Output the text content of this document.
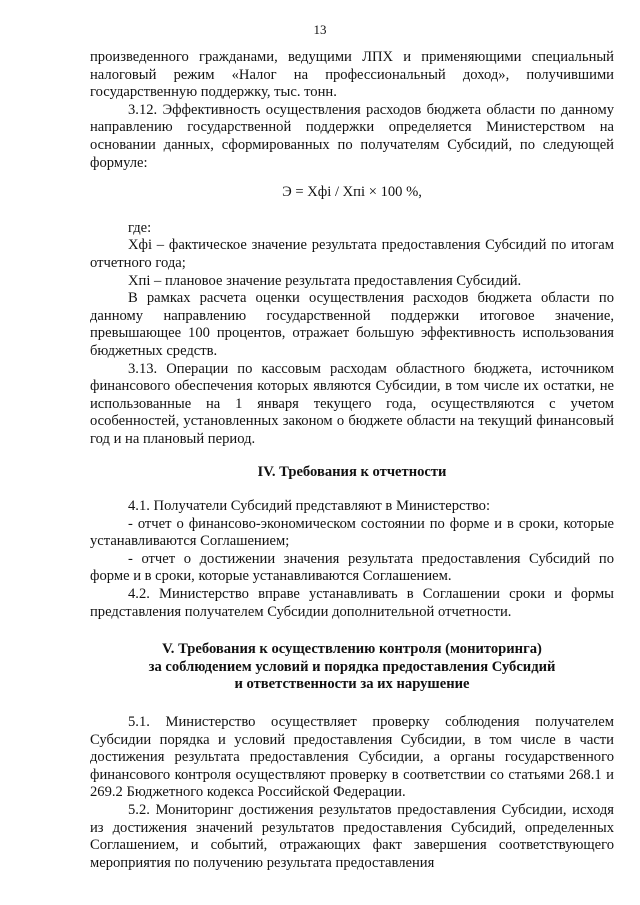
13

произведенного гражданами, ведущими ЛПХ и применяющими специальный налоговый режим «Налог на профессиональный доход», получившими государственную поддержку, тыс. тонн.

3.12. Эффективность осуществления расходов бюджета области по данному направлению государственной поддержки определяется Министерством на основании данных, сформированных по получателям Субсидий, по следующей формуле:

Э = Xфi / Xпi × 100 %,

где:

Xфi – фактическое значение результата предоставления Субсидий по итогам отчетного года;

Xпi – плановое значение результата предоставления Субсидий.

В рамках расчета оценки осуществления расходов бюджета области по данному направлению государственной поддержки итоговое значение, превышающее 100 процентов, отражает большую эффективность использования бюджетных средств.

3.13. Операции по кассовым расходам областного бюджета, источником финансового обеспечения которых являются Субсидии, в том числе их остатки, не использованные на 1 января текущего года, осуществляются с учетом особенностей, установленных законом о бюджете области на текущий финансовый год и на плановый период.

IV. Требования к отчетности

4.1. Получатели Субсидий представляют в Министерство:

- отчет о финансово-экономическом состоянии по форме и в сроки, которые устанавливаются Соглашением;

- отчет о достижении значения результата предоставления Субсидий по форме и в сроки, которые устанавливаются Соглашением.

4.2. Министерство вправе устанавливать в Соглашении сроки и формы представления получателем Субсидии дополнительной отчетности.

V. Требования к осуществлению контроля (мониторинга)

за соблюдением условий и порядка предоставления Субсидий

и ответственности за их нарушение

5.1. Министерство осуществляет проверку соблюдения получателем Субсидии порядка и условий предоставления Субсидии, в том числе в части достижения результата предоставления Субсидии, а органы государственного финансового контроля осуществляют проверку в соответствии со статьями 268.1 и 269.2 Бюджетного кодекса Российской Федерации.

5.2. Мониторинг достижения результатов предоставления Субсидии, исходя из достижения значений результатов предоставления Субсидий, определенных Соглашением, и событий, отражающих факт завершения соответствующего мероприятия по получению результата предоставления
